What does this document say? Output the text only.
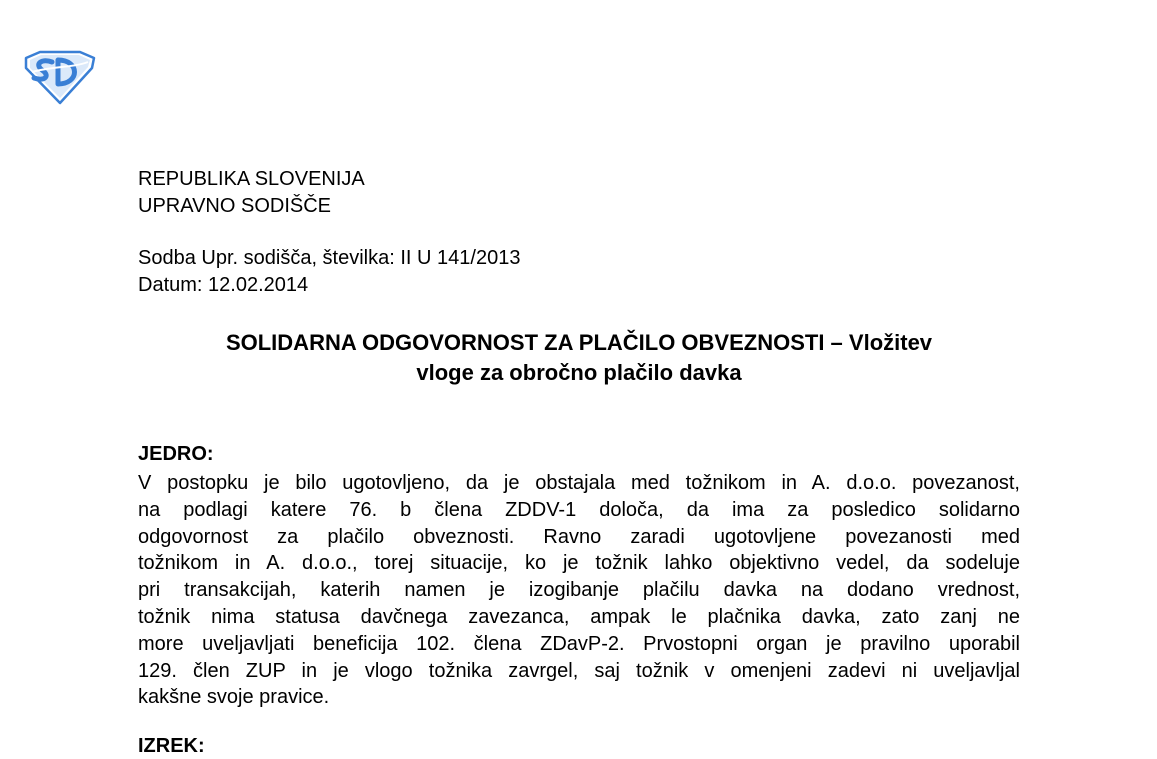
REPUBLIKA SLOVENIJA
UPRAVNO SODIŠČE
Sodba Upr. sodišča, številka: II U 141/2013
Datum: 12.02.2014
SOLIDARNA ODGOVORNOST ZA PLAČILO OBVEZNOSTI – Vložitev
vloge za obročno plačilo davka
JEDRO:
V postopku je bilo ugotovljeno, da je obstajala med tožnikom in A. d.o.o. povezanost,
na podlagi katere 76. b člena ZDDV-1 določa, da ima za posledico solidarno
odgovornost za plačilo obveznosti. Ravno zaradi ugotovljene povezanosti med
tožnikom in A. d.o.o., torej situacije, ko je tožnik lahko objektivno vedel, da sodeluje
pri transakcijah, katerih namen je izogibanje plačilu davka na dodano vrednost,
tožnik nima statusa davčnega zavezanca, ampak le plačnika davka, zato zanj ne
more uveljavljati beneficija 102. člena ZDavP-2. Prvostopni organ je pravilno uporabil
129. člen ZUP in je vlogo tožnika zavrgel, saj tožnik v omenjeni zadevi ni uveljavljal
kakšne svoje pravice.
IZREK:
